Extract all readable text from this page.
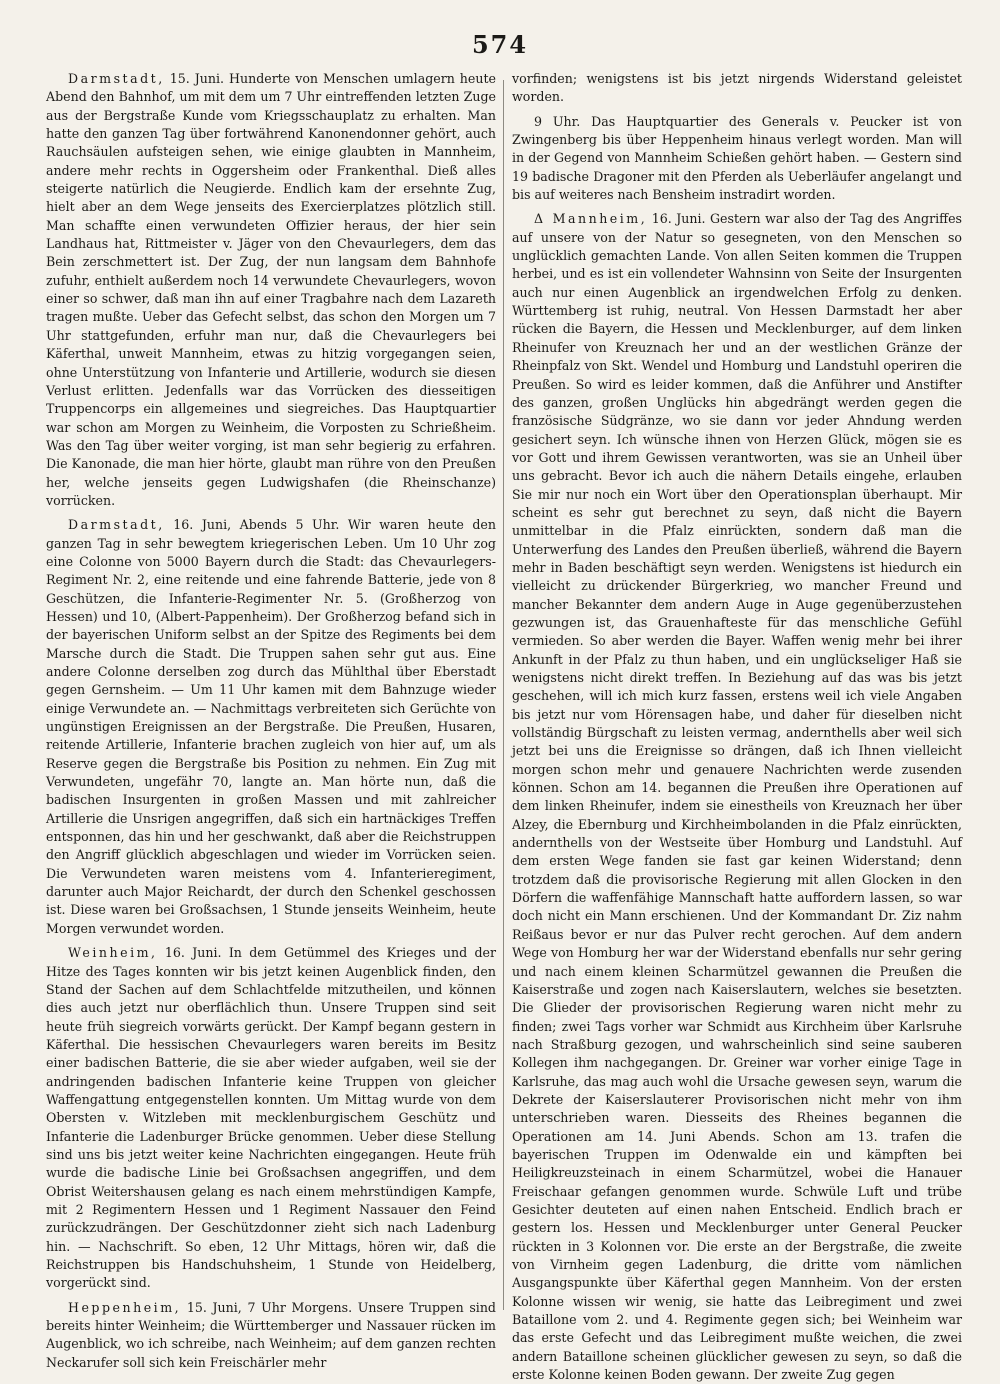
574

Darmstadt, 15. Juni. Hunderte von Menschen umlagern heute Abend den Bahnhof, um mit dem um 7 Uhr eintreffenden letzten Zuge aus der Bergstraße Kunde vom Kriegsschauplatz zu erhalten. Man hatte den ganzen Tag über fortwährend Kanonendonner gehört, auch Rauchsäulen aufsteigen sehen, wie einige glaubten in Mannheim, andere mehr rechts in Oggersheim oder Frankenthal. Dieß alles steigerte natürlich die Neugierde. Endlich kam der ersehnte Zug, hielt aber an dem Wege jenseits des Exercierplatzes plötzlich still. Man schaffte einen verwundeten Offizier heraus, der hier sein Landhaus hat, Rittmeister v. Jäger von den Chevaurlegers, dem das Bein zerschmettert ist. Der Zug, der nun langsam dem Bahnhofe zufuhr, enthielt außerdem noch 14 verwundete Chevaurlegers, wovon einer so schwer, daß man ihn auf einer Tragbahre nach dem Lazareth tragen mußte. Ueber das Gefecht selbst, das schon den Morgen um 7 Uhr stattgefunden, erfuhr man nur, daß die Chevaurlegers bei Käferthal, unweit Mannheim, etwas zu hitzig vorgegangen seien, ohne Unterstützung von Infanterie und Artillerie, wodurch sie diesen Verlust erlitten. Jedenfalls war das Vorrücken des diesseitigen Truppencorps ein allgemeines und siegreiches. Das Hauptquartier war schon am Morgen zu Weinheim, die Vorposten zu Schrießheim. Was den Tag über weiter vorging, ist man sehr begierig zu erfahren. Die Kanonade, die man hier hörte, glaubt man rühre von den Preußen her, welche jenseits gegen Ludwigshafen (die Rheinschanze) vorrücken.

Darmstadt, 16. Juni, Abends 5 Uhr. Wir waren heute den ganzen Tag in sehr bewegtem kriegerischen Leben. Um 10 Uhr zog eine Colonne von 5000 Bayern durch die Stadt: das Chevaurlegers-Regiment Nr. 2, eine reitende und eine fahrende Batterie, jede von 8 Geschützen, die Infanterie-Regimenter Nr. 5. (Großherzog von Hessen) und 10, (Albert-Pappenheim). Der Großherzog befand sich in der bayerischen Uniform selbst an der Spitze des Regiments bei dem Marsche durch die Stadt. Die Truppen sahen sehr gut aus. Eine andere Colonne derselben zog durch das Mühlthal über Eberstadt gegen Gernsheim. — Um 11 Uhr kamen mit dem Bahnzuge wieder einige Verwundete an. — Nachmittags verbreiteten sich Gerüchte von ungünstigen Ereignissen an der Bergstraße. Die Preußen, Husaren, reitende Artillerie, Infanterie brachen zugleich von hier auf, um als Reserve gegen die Bergstraße bis Position zu nehmen. Ein Zug mit Verwundeten, ungefähr 70, langte an. Man hörte nun, daß die badischen Insurgenten in großen Massen und mit zahlreicher Artillerie die Unsrigen angegriffen, daß sich ein hartnäckiges Treffen entsponnen, das hin und her geschwankt, daß aber die Reichstruppen den Angriff glücklich abgeschlagen und wieder im Vorrücken seien. Die Verwundeten waren meistens vom 4. Infanterieregiment, darunter auch Major Reichardt, der durch den Schenkel geschossen ist. Diese waren bei Großsachsen, 1 Stunde jenseits Weinheim, heute Morgen verwundet worden.

Weinheim, 16. Juni. In dem Getümmel des Krieges und der Hitze des Tages konnten wir bis jetzt keinen Augenblick finden, den Stand der Sachen auf dem Schlachtfelde mitzutheilen, und können dies auch jetzt nur oberflächlich thun. Unsere Truppen sind seit heute früh siegreich vorwärts gerückt. Der Kampf begann gestern in Käferthal. Die hessischen Chevaurlegers waren bereits im Besitz einer badischen Batterie, die sie aber wieder aufgaben, weil sie der andringenden badischen Infanterie keine Truppen von gleicher Waffengattung entgegenstellen konnten. Um Mittag wurde von dem Obersten v. Witzleben mit mecklenburgischem Geschütz und Infanterie die Ladenburger Brücke genommen. Ueber diese Stellung sind uns bis jetzt weiter keine Nachrichten eingegangen. Heute früh wurde die badische Linie bei Großsachsen angegriffen, und dem Obrist Weitershausen gelang es nach einem mehrstündigen Kampfe, mit 2 Regimentern Hessen und 1 Regiment Nassauer den Feind zurückzudrängen. Der Geschützdonner zieht sich nach Ladenburg hin. — Nachschrift. So eben, 12 Uhr Mittags, hören wir, daß die Reichstruppen bis Handschuhsheim, 1 Stunde von Heidelberg, vorgerückt sind.

Heppenheim, 15. Juni, 7 Uhr Morgens. Unsere Truppen sind bereits hinter Weinheim; die Württemberger und Nassauer rücken im Augenblick, wo ich schreibe, nach Weinheim; auf dem ganzen rechten Neckarufer soll sich kein Freischärler mehr

vorfinden; wenigstens ist bis jetzt nirgends Widerstand geleistet worden.

9 Uhr. Das Hauptquartier des Generals v. Peucker ist von Zwingenberg bis über Heppenheim hinaus verlegt worden. Man will in der Gegend von Mannheim Schießen gehört haben. — Gestern sind 19 badische Dragoner mit den Pferden als Ueberläufer angelangt und bis auf weiteres nach Bensheim instradirt worden.

Δ Mannheim, 16. Juni. Gestern war also der Tag des Angriffes auf unsere von der Natur so gesegneten, von den Menschen so unglücklich gemachten Lande. Von allen Seiten kommen die Truppen herbei, und es ist ein vollendeter Wahnsinn von Seite der Insurgenten auch nur einen Augenblick an irgendwelchen Erfolg zu denken. Württemberg ist ruhig, neutral. Von Hessen Darmstadt her aber rücken die Bayern, die Hessen und Mecklenburger, auf dem linken Rheinufer von Kreuznach her und an der westlichen Gränze der Rheinpfalz von Skt. Wendel und Homburg und Landstuhl operiren die Preußen. So wird es leider kommen, daß die Anführer und Anstifter des ganzen, großen Unglücks hin abgedrängt werden gegen die französische Südgränze, wo sie dann vor jeder Ahndung werden gesichert seyn. Ich wünsche ihnen von Herzen Glück, mögen sie es vor Gott und ihrem Gewissen verantworten, was sie an Unheil über uns gebracht. Bevor ich auch die nähern Details eingehe, erlauben Sie mir nur noch ein Wort über den Operationsplan überhaupt. Mir scheint es sehr gut berechnet zu seyn, daß nicht die Bayern unmittelbar in die Pfalz einrückten, sondern daß man die Unterwerfung des Landes den Preußen überließ, während die Bayern mehr in Baden beschäftigt seyn werden. Wenigstens ist hiedurch ein vielleicht zu drückender Bürgerkrieg, wo mancher Freund und mancher Bekannter dem andern Auge in Auge gegenüberzustehen gezwungen ist, das Grauenhafteste für das menschliche Gefühl vermieden. So aber werden die Bayer. Waffen wenig mehr bei ihrer Ankunft in der Pfalz zu thun haben, und ein unglückseliger Haß sie wenigstens nicht direkt treffen. In Beziehung auf das was bis jetzt geschehen, will ich mich kurz fassen, erstens weil ich viele Angaben bis jetzt nur vom Hörensagen habe, und daher für dieselben nicht vollständig Bürgschaft zu leisten vermag, andernthells aber weil sich jetzt bei uns die Ereignisse so drängen, daß ich Ihnen vielleicht morgen schon mehr und genauere Nachrichten werde zusenden können. Schon am 14. begannen die Preußen ihre Operationen auf dem linken Rheinufer, indem sie einestheils von Kreuznach her über Alzey, die Ebernburg und Kirchheimbolanden in die Pfalz einrückten, andernthells von der Westseite über Homburg und Landstuhl. Auf dem ersten Wege fanden sie fast gar keinen Widerstand; denn trotzdem daß die provisorische Regierung mit allen Glocken in den Dörfern die waffenfähige Mannschaft hatte auffordern lassen, so war doch nicht ein Mann erschienen. Und der Kommandant Dr. Ziz nahm Reißaus bevor er nur das Pulver recht gerochen. Auf dem andern Wege von Homburg her war der Widerstand ebenfalls nur sehr gering und nach einem kleinen Scharmützel gewannen die Preußen die Kaiserstraße und zogen nach Kaiserslautern, welches sie besetzten. Die Glieder der provisorischen Regierung waren nicht mehr zu finden; zwei Tags vorher war Schmidt aus Kirchheim über Karlsruhe nach Straßburg gezogen, und wahrscheinlich sind seine sauberen Kollegen ihm nachgegangen. Dr. Greiner war vorher einige Tage in Karlsruhe, das mag auch wohl die Ursache gewesen seyn, warum die Dekrete der Kaiserslauterer Provisorischen nicht mehr von ihm unterschrieben waren. Diesseits des Rheines begannen die Operationen am 14. Juni Abends. Schon am 13. trafen die bayerischen Truppen im Odenwalde ein und kämpften bei Heiligkreuzsteinach in einem Scharmützel, wobei die Hanauer Freischaar gefangen genommen wurde. Schwüle Luft und trübe Gesichter deuteten auf einen nahen Entscheid. Endlich brach er gestern los. Hessen und Mecklenburger unter General Peucker rückten in 3 Kolonnen vor. Die erste an der Bergstraße, die zweite von Virnheim gegen Ladenburg, die dritte vom nämlichen Ausgangspunkte über Käferthal gegen Mannheim. Von der ersten Kolonne wissen wir wenig, sie hatte das Leibregiment und zwei Bataillone vom 2. und 4. Regimente gegen sich; bei Weinheim war das erste Gefecht und das Leibregiment mußte weichen, die zwei andern Bataillone scheinen glücklicher gewesen zu seyn, so daß die erste Kolonne keinen Boden gewann. Der zweite Zug gegen
